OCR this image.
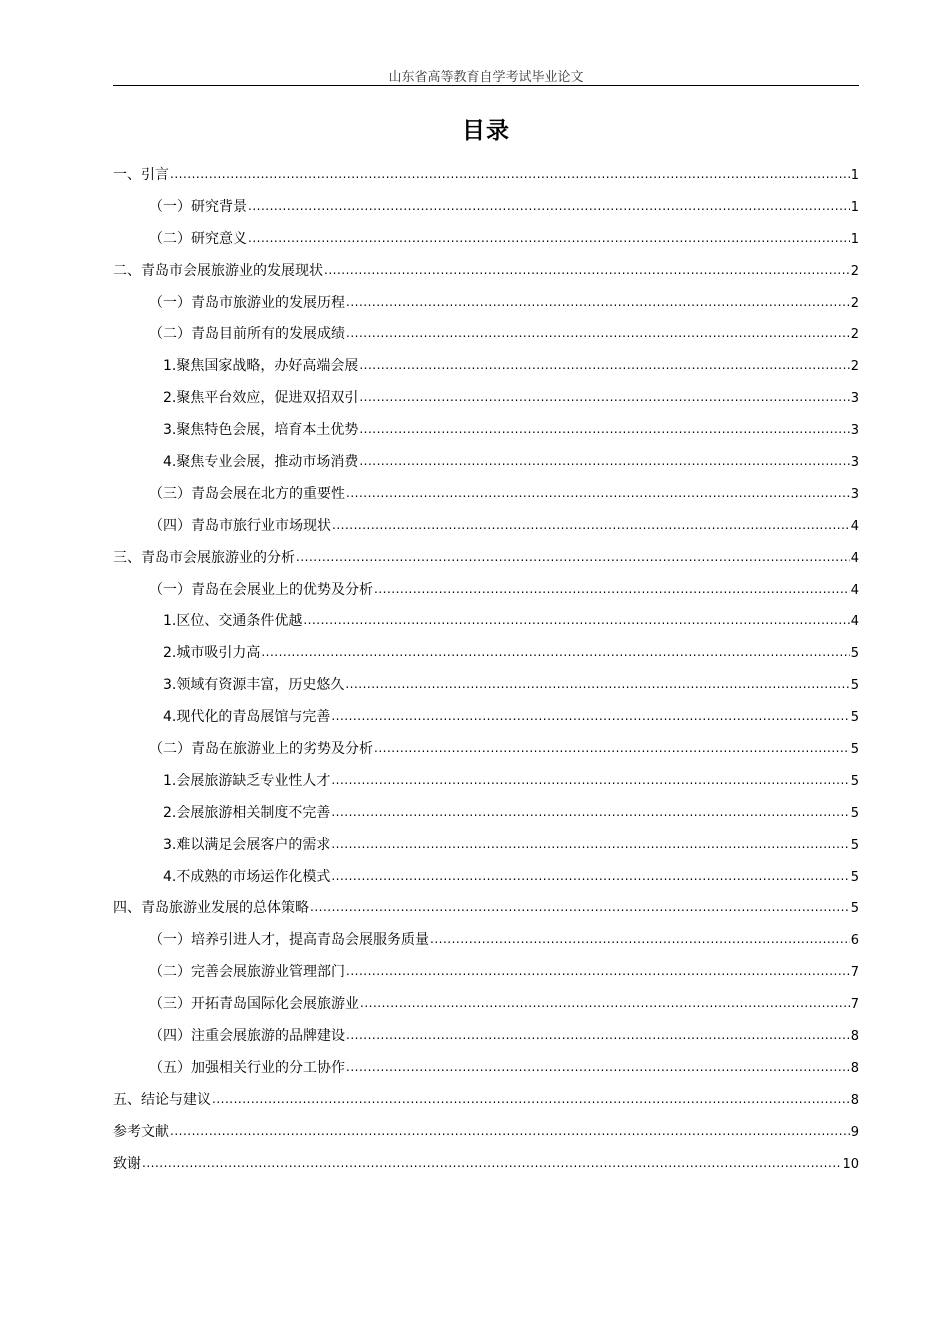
山东省高等教育自学考试毕业论文
目录
一、引言 .....	1
（一）研究背景 .....	1
（二）研究意义 .....	1
二、青岛市会展旅游业的发展现状 .....	2
（一）青岛市旅游业的发展历程 .....	2
（二）青岛目前所有的发展成绩 .....	2
1.聚焦国家战略，办好高端会展 .....	2
2.聚焦平台效应，促进双招双引 .....	3
3.聚焦特色会展，培育本土优势 .....	3
4.聚焦专业会展，推动市场消费 .....	3
（三）青岛会展在北方的重要性 .....	3
（四）青岛市旅行业市场现状 .....	4
三、青岛市会展旅游业的分析 .....	4
（一）青岛在会展业上的优势及分析 .....	4
1.区位、交通条件优越 .....	4
2.城市吸引力高 .....	5
3.领域有资源丰富，历史悠久 .....	5
4.现代化的青岛展馆与完善 .....	5
（二）青岛在旅游业上的劣势及分析 .....	5
1.会展旅游缺乏专业性人才 .....	5
2.会展旅游相关制度不完善 .....	5
3.难以满足会展客户的需求 .....	5
4.不成熟的市场运作化模式 .....	5
四、青岛旅游业发展的总体策略 .....	5
（一）培养引进人才，提高青岛会展服务质量 .....	6
（二）完善会展旅游业管理部门 .....	7
（三）开拓青岛国际化会展旅游业 .....	7
（四）注重会展旅游的品牌建设 .....	8
（五）加强相关行业的分工协作 .....	8
五、结论与建议 .....	8
参考文献 .....	9
致谢 .....	10
